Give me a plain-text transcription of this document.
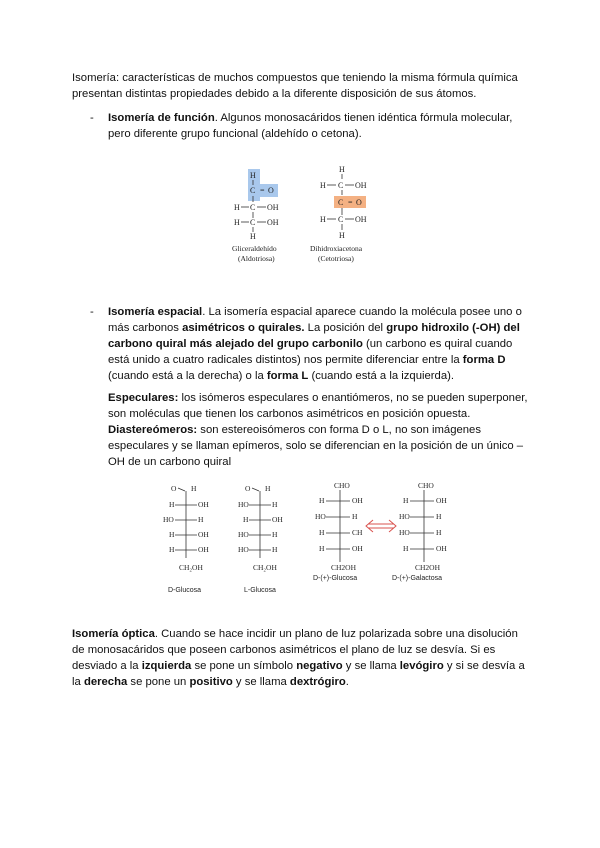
Isomería: características de muchos compuestos que teniendo la misma fórmula química presentan distintas propiedades debido a la diferente disposición de sus átomos.
- Isomería de función. Algunos monosacáridos tienen idéntica fórmula molecular, pero diferente grupo funcional (aldehído o cetona).
H
C = O
H C OH
H C OH
H
Gliceraldehído
(Aldotriosa)
H
H C OH
C = O
H C OH
H
Dihidroxiacetona
(Cetotriosa)
- Isomería espacial. La isomería espacial aparece cuando la molécula posee uno o más carbonos asimétricos o quirales. La posición del grupo hidroxilo (-OH) del carbono quiral más alejado del grupo carbonilo (un carbono es quiral cuando está unido a cuatro radicales distintos) nos permite diferenciar entre la forma D (cuando está a la derecha) o la forma L (cuando está a la izquierda).
Especulares: los isómeros especulares o enantiómeros, no se pueden superponer, son moléculas que tienen los carbonos asimétricos en posición opuesta.
Diastereómeros: son estereoisómeros con forma D o L, no son imágenes especulares y se llaman epímeros, solo se diferencian en la posición de un único –OH de un carbono quiral
O H
H	OH
HO	H
H	OH
H	OH
CH₂OH
D-Glucosa
O H
HO	H
H	OH
HO	H
HO	H
CH₂OH
L-Glucosa
CHO
H	OH
HO	H
H	CH
H	OH
CH2OH
D-(+)-Glucosa
CHO
H	OH
HO	H
HO	H
H	OH
CH2OH
D-(+)-Galactosa
Isomería óptica. Cuando se hace incidir un plano de luz polarizada sobre una disolución de monosacáridos que poseen carbonos asimétricos el plano de luz se desvía. Si es desviado a la izquierda se pone un símbolo negativo y se llama levógiro y si se desvía a la derecha se pone un positivo y se llama dextrógiro.
